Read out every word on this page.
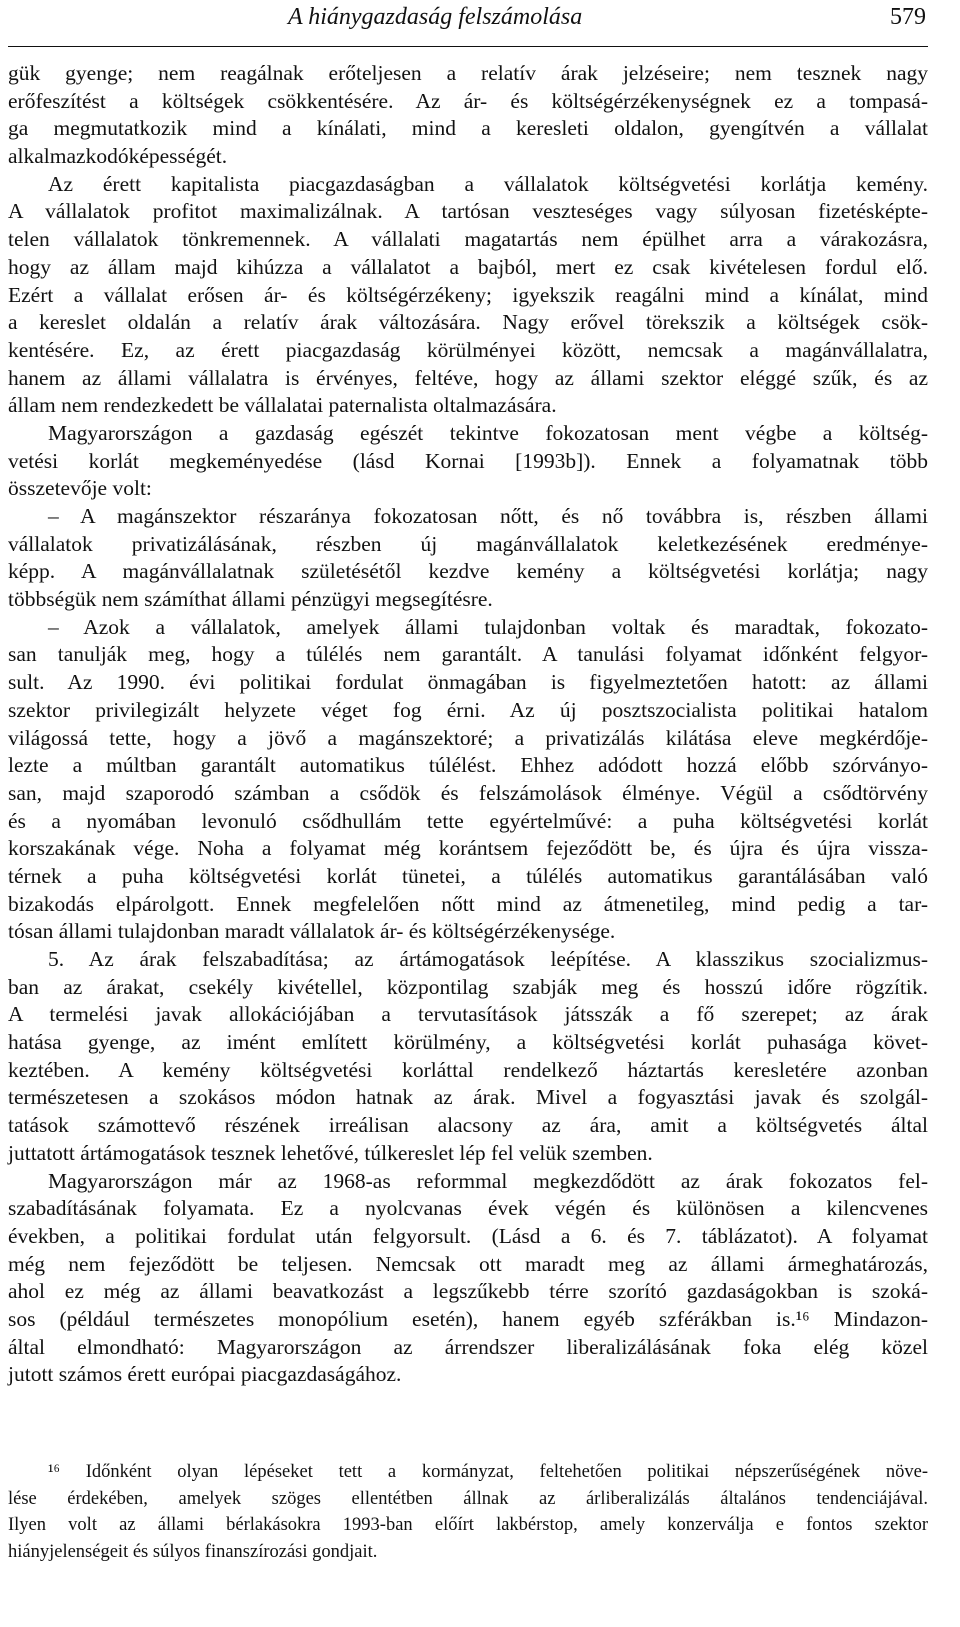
A hiánygazdaság felszámolása	579
gük gyenge; nem reagálnak erőteljesen a relatív árak jelzéseire; nem tesznek nagy
erőfeszítést a költségek csökkentésére. Az ár- és költségérzékenységnek ez a tompasá-
ga megmutatkozik mind a kínálati, mind a keresleti oldalon, gyengítvén a vállalat
alkalmazkodóképességét.
Az érett kapitalista piacgazdaságban a vállalatok költségvetési korlátja kemény.
A vállalatok profitot maximalizálnak. A tartósan veszteséges vagy súlyosan fizetésképte-
telen vállalatok tönkremennek. A vállalati magatartás nem épülhet arra a várakozásra,
hogy az állam majd kihúzza a vállalatot a bajból, mert ez csak kivételesen fordul elő.
Ezért a vállalat erősen ár- és költségérzékeny; igyekszik reagálni mind a kínálat, mind
a kereslet oldalán a relatív árak változására. Nagy erővel törekszik a költségek csök-
kentésére. Ez, az érett piacgazdaság körülményei között, nemcsak a magánvállalatra,
hanem az állami vállalatra is érvényes, feltéve, hogy az állami szektor eléggé szűk, és az
állam nem rendezkedett be vállalatai paternalista oltalmazására.
Magyarországon a gazdaság egészét tekintve fokozatosan ment végbe a költség-
vetési korlát megkeményedése (lásd Kornai [1993b]). Ennek a folyamatnak több
összetevője volt:
– A magánszektor részaránya fokozatosan nőtt, és nő továbbra is, részben állami
vállalatok privatizálásának, részben új magánvállalatok keletkezésének eredménye-
képp. A magánvállalatnak születésétől kezdve kemény a költségvetési korlátja; nagy
többségük nem számíthat állami pénzügyi megsegítésre.
– Azok a vállalatok, amelyek állami tulajdonban voltak és maradtak, fokozato-
san tanulják meg, hogy a túlélés nem garantált. A tanulási folyamat időnként felgyor-
sult. Az 1990. évi politikai fordulat önmagában is figyelmeztetően hatott: az állami
szektor privilegizált helyzete véget fog érni. Az új posztszocialista politikai hatalom
világossá tette, hogy a jövő a magánszektoré; a privatizálás kilátása eleve megkérdője-
lezte a múltban garantált automatikus túlélést. Ehhez adódott hozzá előbb szórványo-
san, majd szaporodó számban a csődök és felszámolások élménye. Végül a csődtörvény
és a nyomában levonuló csődhullám tette egyértelművé: a puha költségvetési korlát
korszakának vége. Noha a folyamat még korántsem fejeződött be, és újra és újra vissza-
térnek a puha költségvetési korlát tünetei, a túlélés automatikus garantálásában való
bizakodás elpárolgott. Ennek megfelelően nőtt mind az átmenetileg, mind pedig a tar-
tósan állami tulajdonban maradt vállalatok ár- és költségérzékenysége.
5. Az árak felszabadítása; az ártámogatások leépítése. A klasszikus szocializmus-
ban az árakat, csekély kivétellel, központilag szabják meg és hosszú időre rögzítik.
A termelési javak allokációjában a tervutasítások játsszák a fő szerepet; az árak
hatása gyenge, az imént említett körülmény, a költségvetési korlát puhasága követ-
keztében. A kemény költségvetési korláttal rendelkező háztartás keresletére azonban
természetesen a szokásos módon hatnak az árak. Mivel a fogyasztási javak és szolgál-
tatások számottevő részének irreálisan alacsony az ára, amit a költségvetés által
juttatott ártámogatások tesznek lehetővé, túlkereslet lép fel velük szemben.
Magyarországon már az 1968-as reformmal megkezdődött az árak fokozatos fel-
szabadításának folyamata. Ez a nyolcvanas évek végén és különösen a kilencvenes
években, a politikai fordulat után felgyorsult. (Lásd a 6. és 7. táblázatot). A folyamat
még nem fejeződött be teljesen. Nemcsak ott maradt meg az állami ármeghatározás,
ahol ez még az állami beavatkozást a legszűkebb térre szorító gazdaságokban is szoká-
sos (például természetes monopólium esetén), hanem egyéb szférákban is.¹⁶ Mindazon-
által elmondható: Magyarországon az árrendszer liberalizálásának foka elég közel
jutott számos érett európai piacgazdaságához.
¹⁶ Időnként olyan lépéseket tett a kormányzat, feltehetően politikai népszerűségének növe-
lése érdekében, amelyek szöges ellentétben állnak az árliberalizálás általános tendenciájával.
Ilyen volt az állami bérlakásokra 1993-ban előírt lakbérstop, amely konzerválja e fontos szektor
hiányjelenségeit és súlyos finanszírozási gondjait.
